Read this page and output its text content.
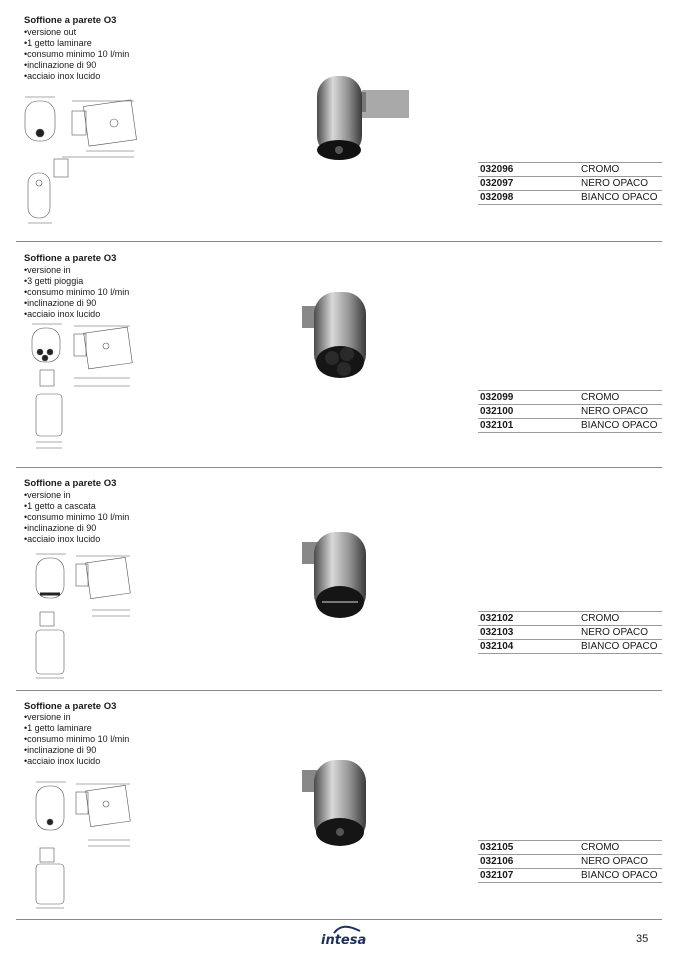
Soffione a parete O3
• versione out
• 1 getto laminare
• consumo minimo 10 l/min
• inclinazione di 90
• acciaio inox lucido
032096	CROMO
032097	NERO OPACO
032098	BIANCO OPACO
Soffione a parete O3
• versione in
• 3 getti pioggia
• consumo minimo 10 l/min
• inclinazione di 90
• acciaio inox lucido
032099	CROMO
032100	NERO OPACO
032101	BIANCO OPACO
Soffione a parete O3
• versione in
• 1 getto a cascata
• consumo minimo 10 l/min
• inclinazione di 90
• acciaio inox lucido
032102	CROMO
032103	NERO OPACO
032104	BIANCO OPACO
Soffione a parete O3
• versione in
• 1 getto laminare
• consumo minimo 10 l/min
• inclinazione di 90
• acciaio inox lucido
032105	CROMO
032106	NERO OPACO
032107	BIANCO OPACO
intesa	35
